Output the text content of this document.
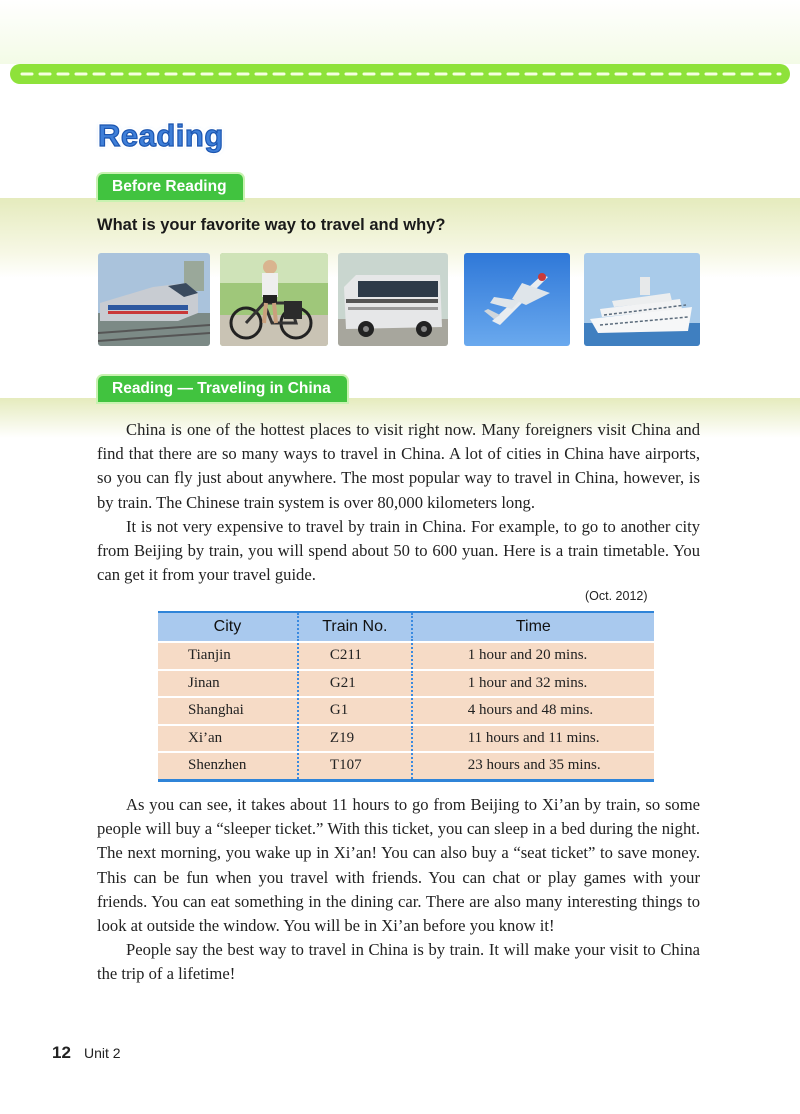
Reading
Before Reading
What is your favorite way to travel and why?
Reading — Traveling in China

China is one of the hottest places to visit right now. Many foreigners visit China and find that there are so many ways to travel in China. A lot of cities in China have airports, so you can fly just about anywhere. The most popular way to travel in China, however, is by train. The Chinese train system is over 80,000 kilometers long.

It is not very expensive to travel by train in China. For example, to go to another city from Beijing by train, you will spend about 50 to 600 yuan. Here is a train timetable. You can get it from your travel guide.

(Oct. 2012)
City	Train No.	Time
Tianjin	C211	1 hour and 20 mins.
Jinan	G21	1 hour and 32 mins.
Shanghai	G1	4 hours and 48 mins.
Xi’an	Z19	11 hours and 11 mins.
Shenzhen	T107	23 hours and 35 mins.

As you can see, it takes about 11 hours to go from Beijing to Xi’an by train, so some people will buy a “sleeper ticket.” With this ticket, you can sleep in a bed during the night. The next morning, you wake up in Xi’an! You can also buy a “seat ticket” to save money. This can be fun when you travel with friends. You can chat or play games with your friends. You can eat something in the dining car. There are also many interesting things to look at outside the window. You will be in Xi’an before you know it!

People say the best way to travel in China is by train. It will make your visit to China the trip of a lifetime!

12 Unit 2
